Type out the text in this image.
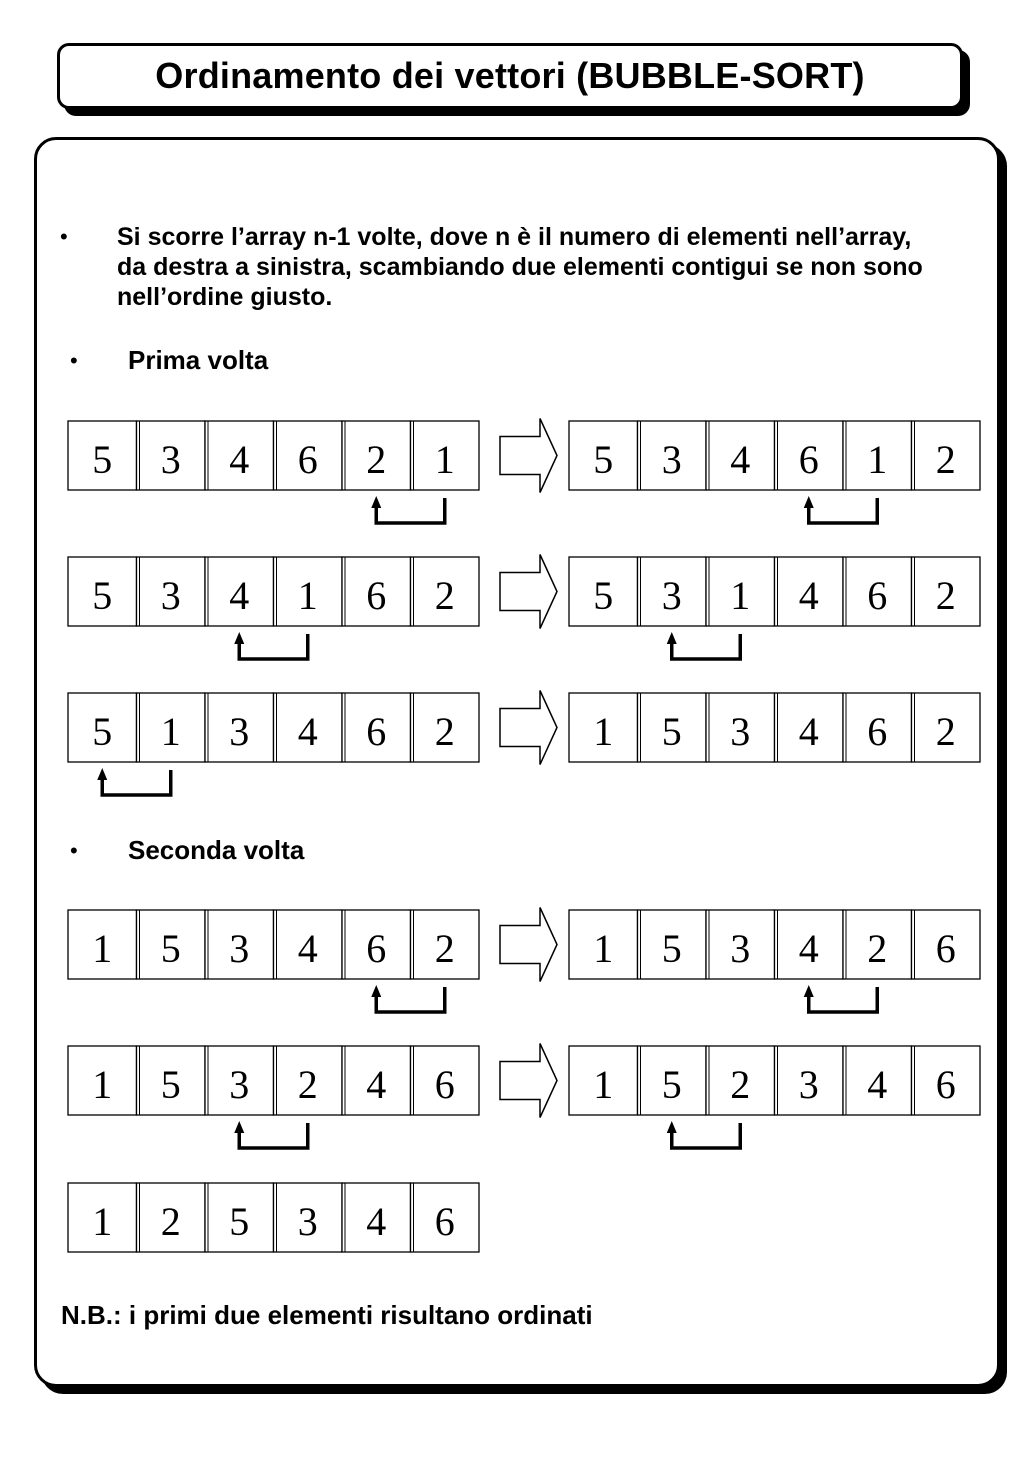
Ordinamento dei vettori (BUBBLE-SORT)
• Si scorre l’array n-1 volte, dove n è il numero di elementi nell’array, da destra a sinistra, scambiando due elementi contigui se non sono nell’ordine giusto.
• Prima volta
• Seconda volta
5 3 4 6 2 1	5 3 4 6 1 2
5 3 4 1 6 2	5 3 1 4 6 2
5 1 3 4 6 2	1 5 3 4 6 2
1 5 3 4 6 2	1 5 3 4 2 6
1 5 3 2 4 6	1 5 2 3 4 6
1 2 5 3 4 6
N.B.: i primi due elementi risultano ordinati
